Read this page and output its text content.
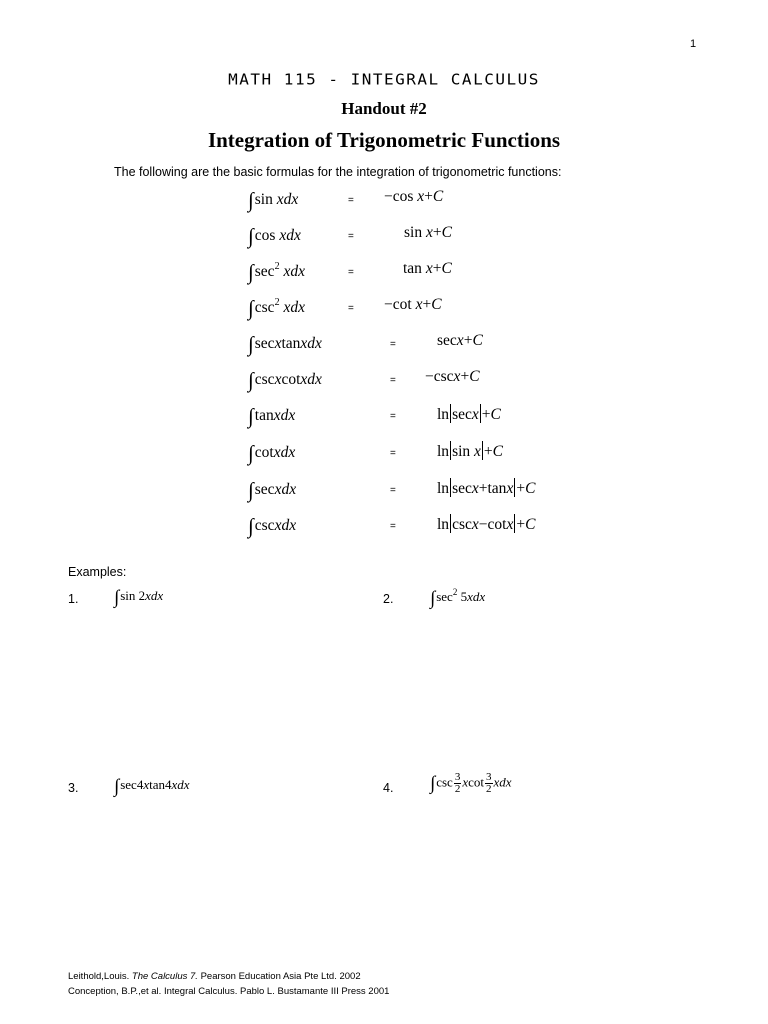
1
MATH 115 - INTEGRAL CALCULUS
Handout #2
Integration of Trigonometric Functions
The following are the basic formulas for the integration of trigonometric functions:
∫sin xdx	= −cos x+C
∫cos xdx	=	sin x+C
$\int\sec^2$ xdx	=	tan x+C
$\int\csc^2$ xdx	= −cot x+C
∫secxtanxdx	=	secx+C
∫cscxcotxdx	= −cscx+C
∫tanxdx	=	ln secx +C
∫cotxdx	=	ln sin x +C
∫secxdx	=	ln secx+tanx +C
∫cscxdx	=	ln cscx−cotx +C
Examples:
1. ∫sin 2xdx	2. $\int\sec^2$ 5xdx
3. ∫sec4xtan4xdx	4. $\int\csc \frac{3}{2}$ xcot $\frac{3}{2}$ xdx
Leithold,Louis. The Calculus 7. Pearson Education Asia Pte Ltd. 2002
Conception, B.P.,et al. Integral Calculus. Pablo L. Bustamante III Press 2001
